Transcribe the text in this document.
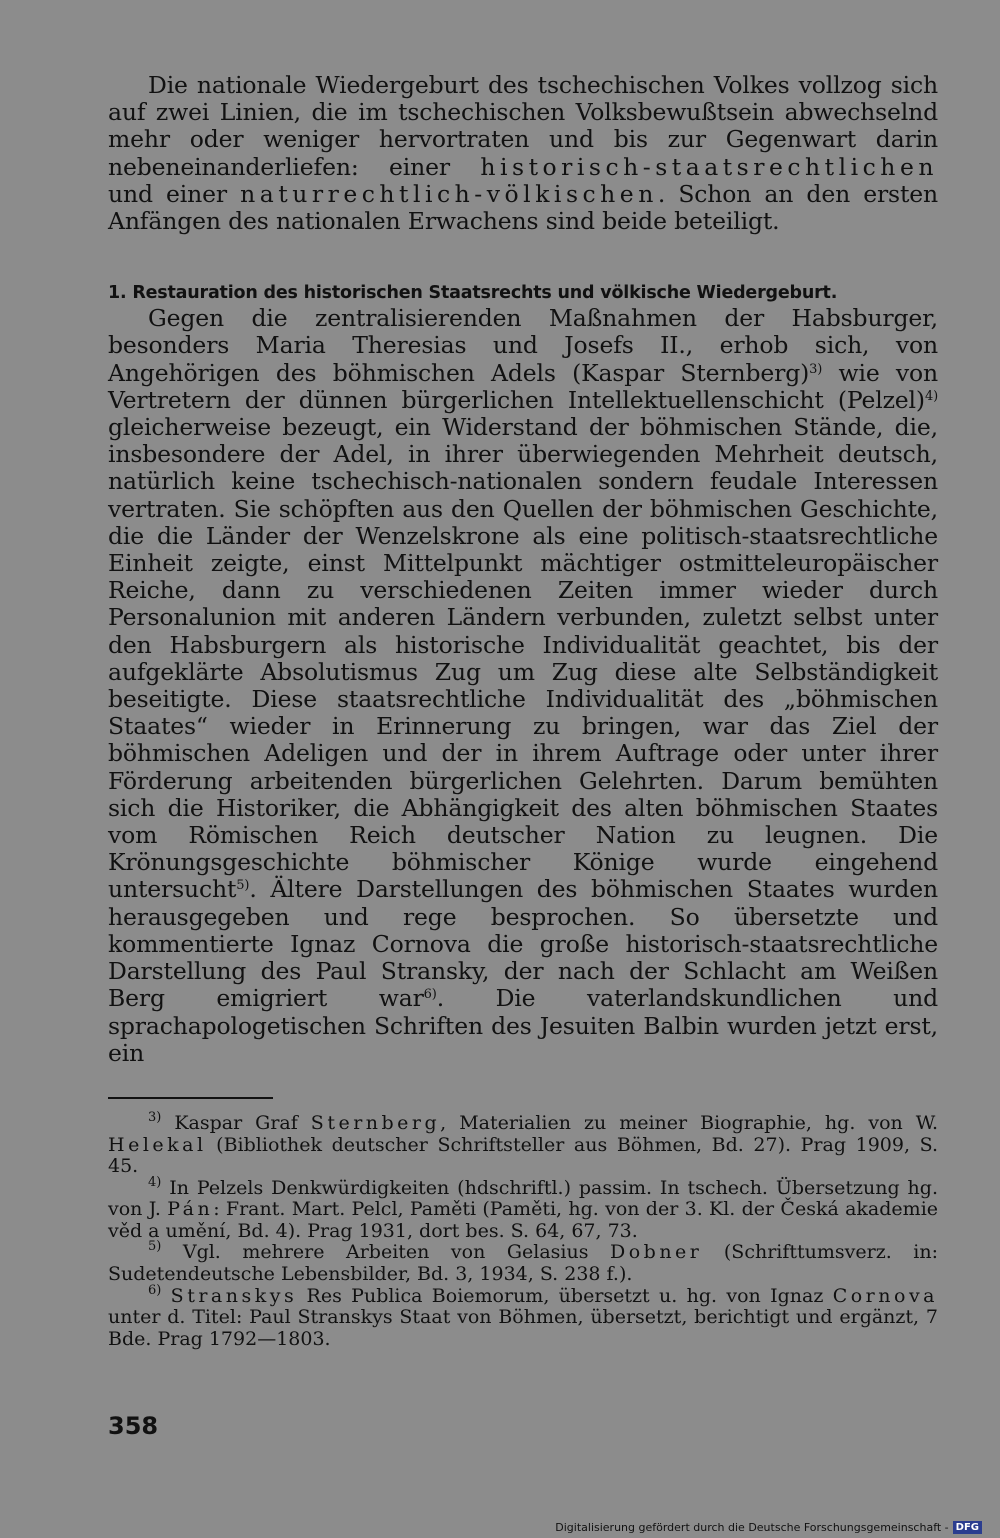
Die nationale Wiedergeburt des tschechischen Volkes vollzog sich auf zwei Linien, die im tschechischen Volksbewußtsein abwechselnd mehr oder weniger hervortraten und bis zur Gegenwart darin nebeneinanderliefen: einer historisch-staatsrechtlichen und einer naturrechtlich-völkischen. Schon an den ersten Anfängen des nationalen Erwachens sind beide beteiligt.

1. Restauration des historischen Staatsrechts und völkische Wiedergeburt.

Gegen die zentralisierenden Maßnahmen der Habsburger, besonders Maria Theresias und Josefs II., erhob sich, von Angehörigen des böhmischen Adels (Kaspar Sternberg)$^{3)}$ wie von Vertretern der dünnen bürgerlichen Intellektuellenschicht (Pelzel)$^{4)}$ gleicherweise bezeugt, ein Widerstand der böhmischen Stände, die, insbesondere der Adel, in ihrer überwiegenden Mehrheit deutsch, natürlich keine tschechisch-nationalen sondern feudale Interessen vertraten. Sie schöpften aus den Quellen der böhmischen Geschichte, die die Länder der Wenzelskrone als eine politisch-staatsrechtliche Einheit zeigte, einst Mittelpunkt mächtiger ostmitteleuropäischer Reiche, dann zu verschiedenen Zeiten immer wieder durch Personalunion mit anderen Ländern verbunden, zuletzt selbst unter den Habsburgern als historische Individualität geachtet, bis der aufgeklärte Absolutismus Zug um Zug diese alte Selbständigkeit beseitigte. Diese staatsrechtliche Individualität des „böhmischen Staates“ wieder in Erinnerung zu bringen, war das Ziel der böhmischen Adeligen und der in ihrem Auftrage oder unter ihrer Förderung arbeitenden bürgerlichen Gelehrten. Darum bemühten sich die Historiker, die Abhängigkeit des alten böhmischen Staates vom Römischen Reich deutscher Nation zu leugnen. Die Krönungsgeschichte böhmischer Könige wurde eingehend untersucht$^{5)}$. Ältere Darstellungen des böhmischen Staates wurden herausgegeben und rege besprochen. So übersetzte und kommentierte Ignaz Cornova die große historisch-staatsrechtliche Darstellung des Paul Stransky, der nach der Schlacht am Weißen Berg emigriert war$^{6)}$. Die vaterlandskundlichen und sprachapologetischen Schriften des Jesuiten Balbin wurden jetzt erst, ein

$^{3)}$ Kaspar Graf Sternberg, Materialien zu meiner Biographie, hg. von W. Helekal (Bibliothek deutscher Schriftsteller aus Böhmen, Bd. 27). Prag 1909, S. 45.

$^{4)}$ In Pelzels Denkwürdigkeiten (hdschriftl.) passim. In tschech. Übersetzung hg. von J. Pán: Frant. Mart. Pelcl, Paměti (Paměti, hg. von der 3. Kl. der Česká akademie věd a umění, Bd. 4). Prag 1931, dort bes. S. 64, 67, 73.

$^{5)}$ Vgl. mehrere Arbeiten von Gelasius Dobner (Schrifttumsverz. in: Sudetendeutsche Lebensbilder, Bd. 3, 1934, S. 238 f.).

$^{6)}$ Stranskys Res Publica Boiemorum, übersetzt u. hg. von Ignaz Cornova unter d. Titel: Paul Stranskys Staat von Böhmen, übersetzt, berichtigt und ergänzt, 7 Bde. Prag 1792—1803.

358
Digitalisierung gefördert durch die Deutsche Forschungsgemeinschaft - DFG
